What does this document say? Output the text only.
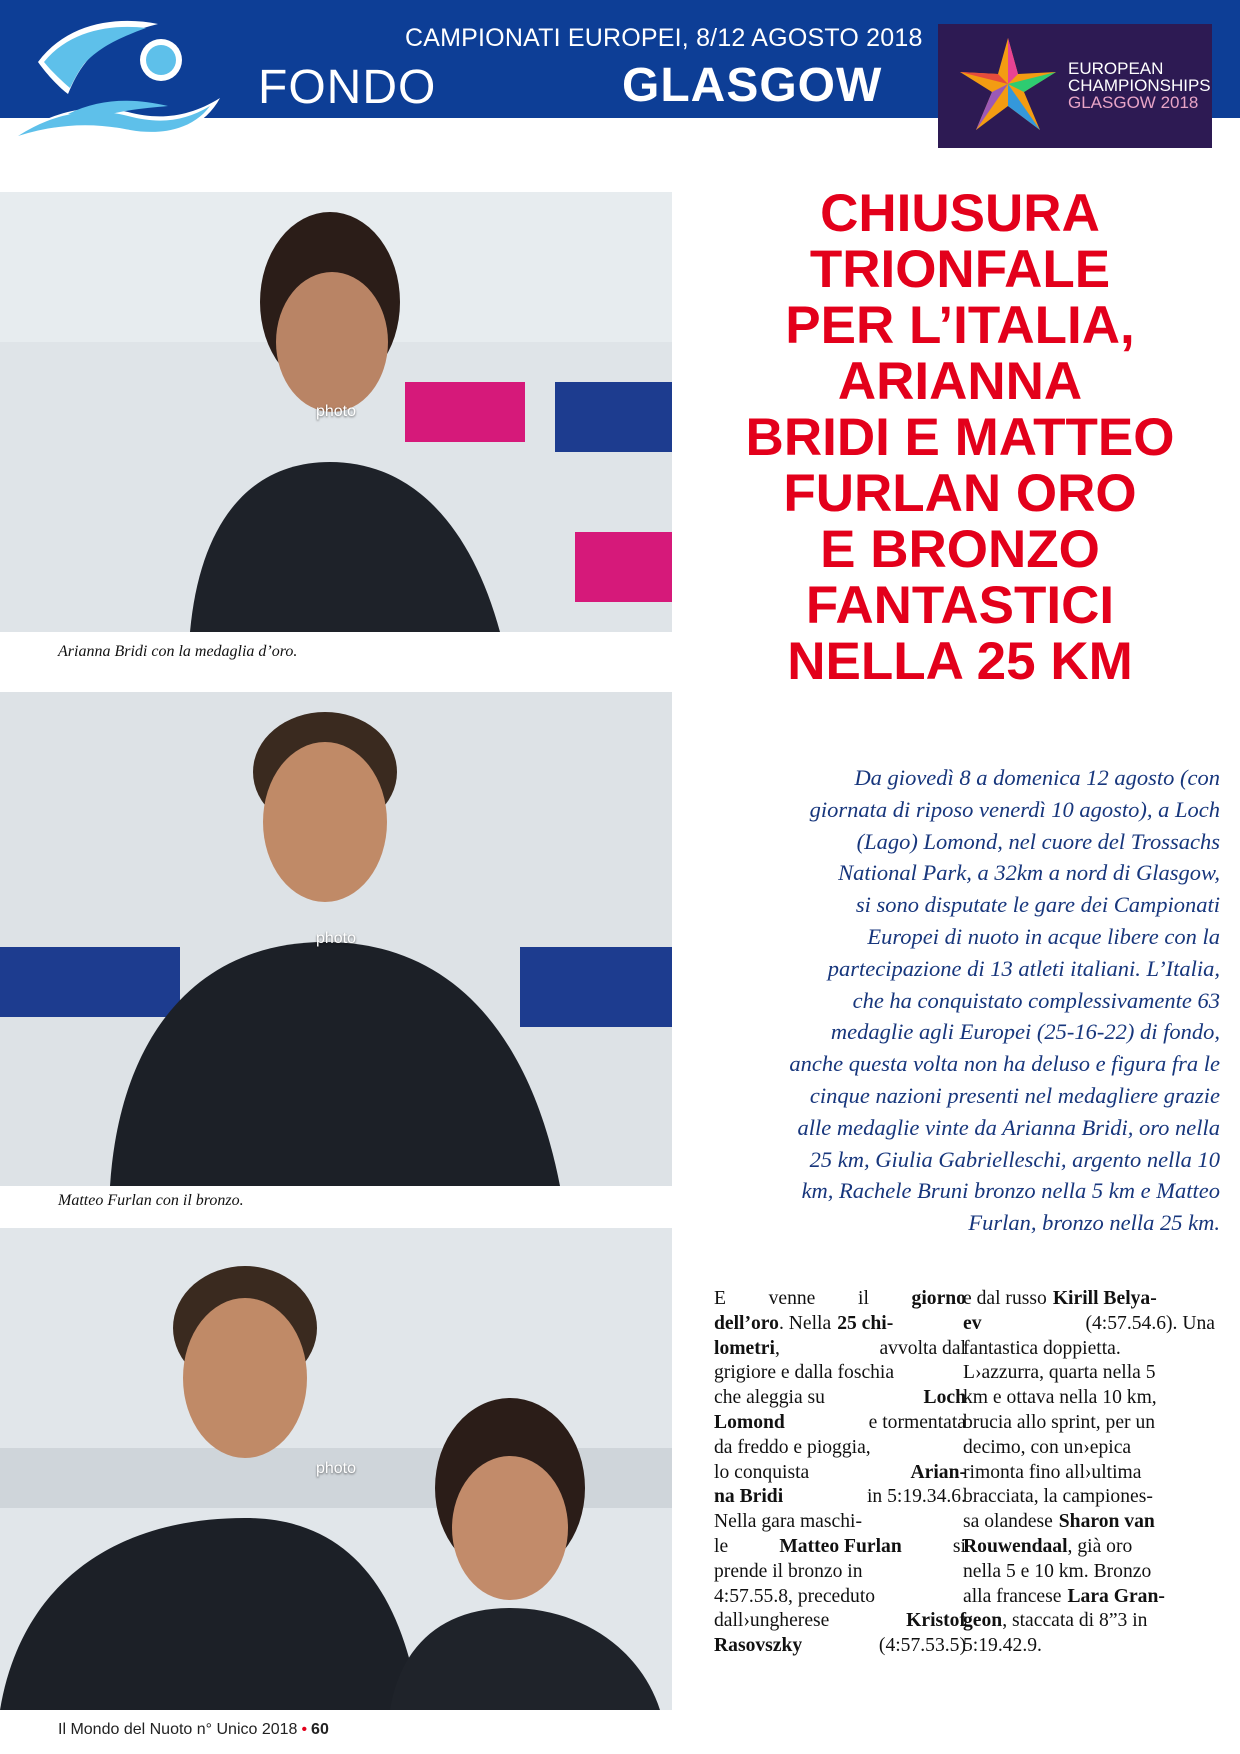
CAMPIONATI EUROPEI, 8/12 AGOSTO 2018
FONDO	GLASGOW	EUROPEAN
CHAMPIONSHIPS
GLASGOW 2018
photo
Arianna Bridi con la medaglia d’oro.
photo
Matteo Furlan con il bronzo.
photo
CHIUSURA
TRIONFALE
PER L’ITALIA,
ARIANNA
BRIDI E MATTEO
FURLAN ORO
E BRONZO
FANTASTICI
NELLA 25 KM
Da giovedì 8 a domenica 12 agosto (con
giornata di riposo venerdì 10 agosto), a Loch
(Lago) Lomond, nel cuore del Trossachs
National Park, a 32km a nord di Glasgow,
si sono disputate le gare dei Campionati
Europei di nuoto in acque libere con la
partecipazione di 13 atleti italiani. L’Italia,
che ha conquistato complessivamente 63
medaglie agli Europei (25-16-22) di fondo,
anche questa volta non ha deluso e figura fra le
cinque nazioni presenti nel medagliere grazie
alle medaglie vinte da Arianna Bridi, oro nella
25 km, Giulia Gabrielleschi, argento nella 10
km, Rachele Bruni bronzo nella 5 km e Matteo
Furlan, bronzo nella 25 km.
E venne il giorno
dell’oro . Nella 25 chi-
lometri,	avvolta dal
grigiore e dalla foschia
che aleggia su	Loch
Lomond	e tormentata
da freddo e pioggia,
lo conquista	Arian-
na Bridi	in 5:19.34.6.
Nella gara maschi-
le	Matteo Furlan	si
prende il bronzo in
4:57.55.8, preceduto
dall›ungherese	Kristof
Rasovszky	(4:57.53.5)
e dal russo Kirill Belya-
ev	(4:57.54.6). Una
fantastica doppietta.
L›azzurra, quarta nella 5
km e ottava nella 10 km,
brucia allo sprint, per un
decimo, con un›epica
rimonta fino all›ultima
bracciata, la campiones-
sa olandese Sharon van
Rouwendaal , già oro
nella 5 e 10 km. Bronzo
alla francese Lara Gran-
geon , staccata di 8”3 in
5:19.42.9.
Il Mondo del Nuoto n° Unico 2018 • 60
